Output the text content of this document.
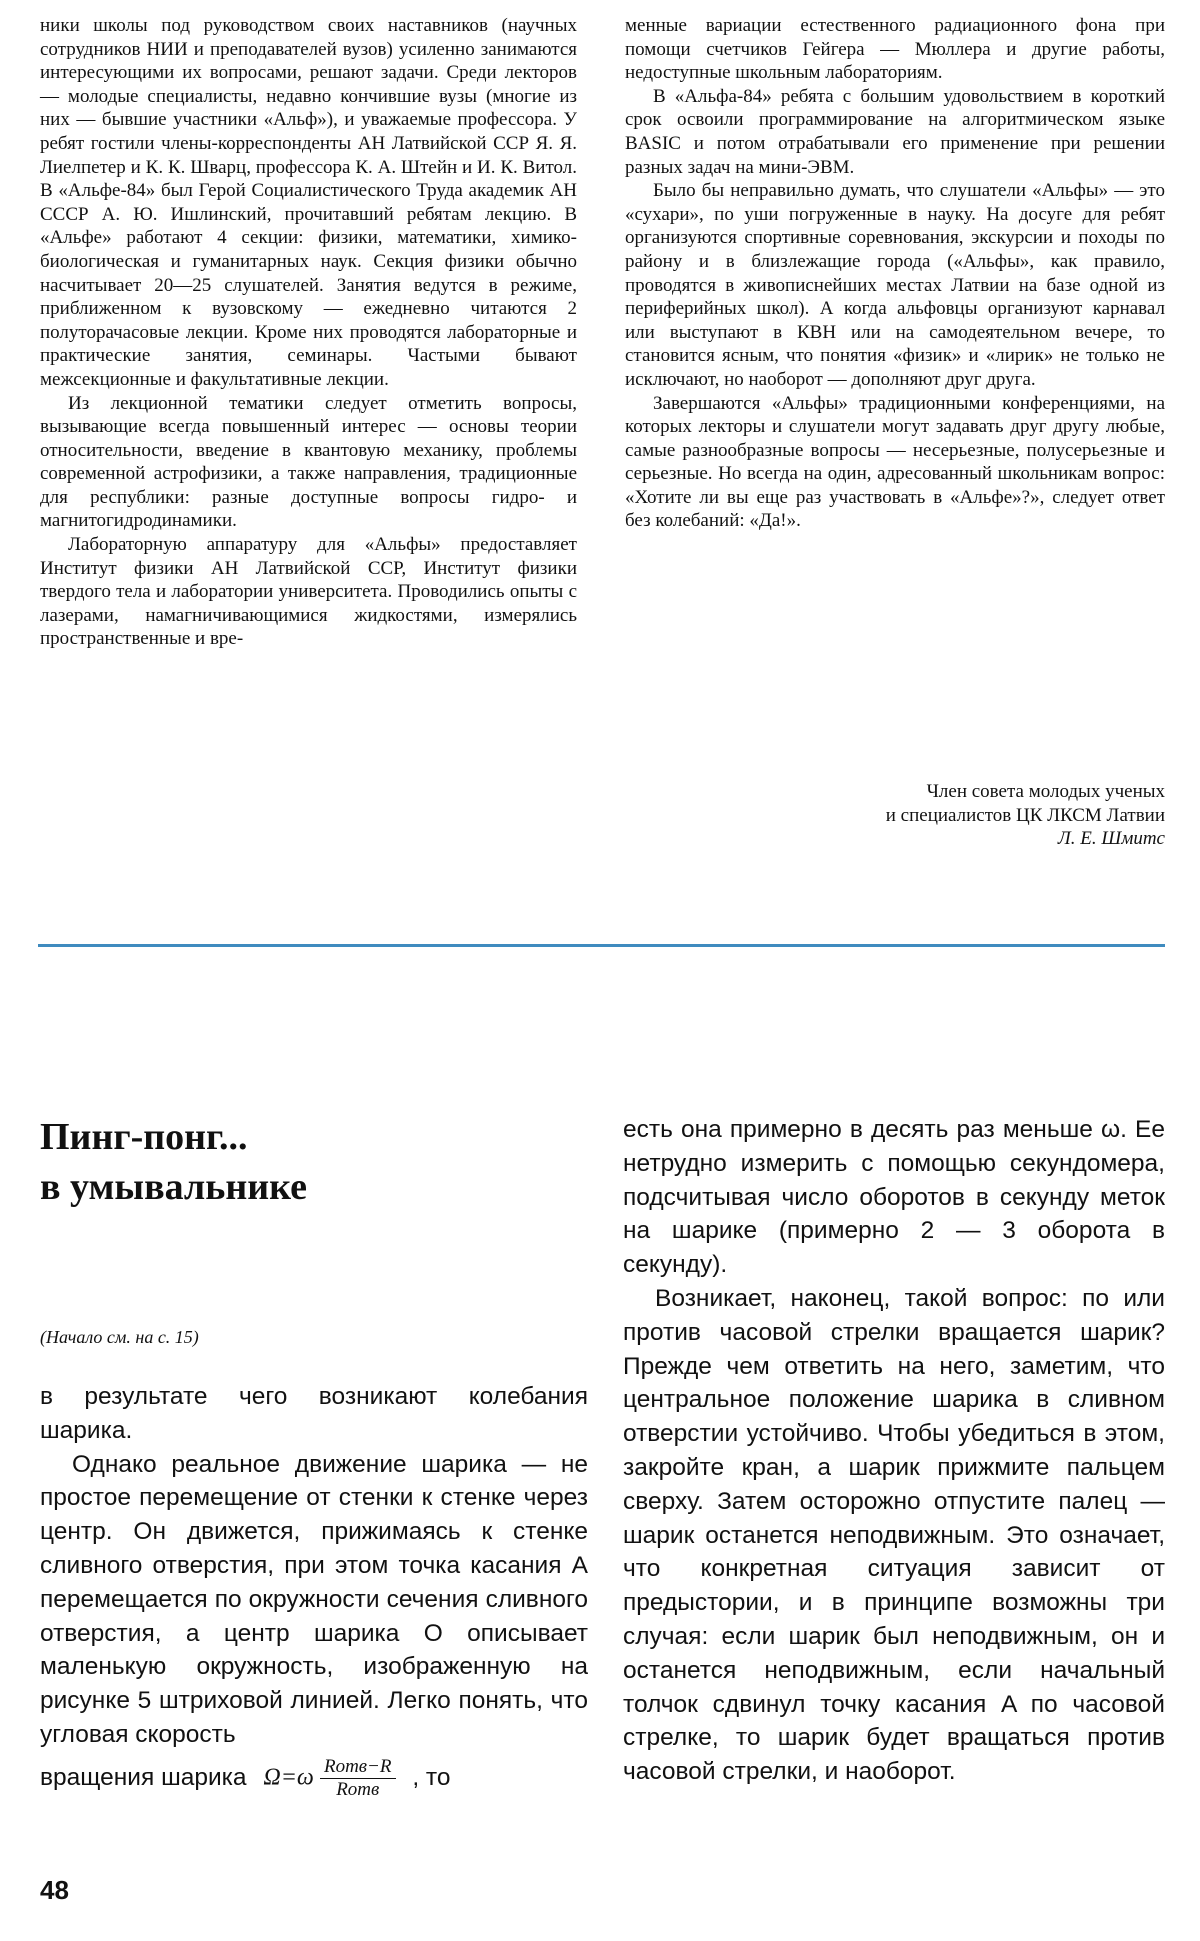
ники школы под руководством своих наставников (научных сотрудников НИИ и преподавателей вузов) усиленно занимаются интересующими их вопросами, решают задачи. Среди лекторов — молодые специалисты, недавно кончившие вузы (многие из них — бывшие участники «Альф»), и уважаемые профессора. У ребят гостили члены-корреспонденты АН Латвийской ССР Я. Я. Лиелпетер и К. К. Шварц, профессора К. А. Штейн и И. К. Витол. В «Альфе-84» был Герой Социалистического Труда академик АН СССР А. Ю. Ишлинский, прочитавший ребятам лекцию. В «Альфе» работают 4 секции: физики, математики, химико-биологическая и гуманитарных наук. Секция физики обычно насчитывает 20—25 слушателей. Занятия ведутся в режиме, приближенном к вузовскому — ежедневно читаются 2 полуторачасовые лекции. Кроме них проводятся лабораторные и практические занятия, семинары. Частыми бывают межсекционные и факультативные лекции.

Из лекционной тематики следует отметить вопросы, вызывающие всегда повышенный интерес — основы теории относительности, введение в квантовую механику, проблемы современной астрофизики, а также направления, традиционные для республики: разные доступные вопросы гидро- и магнитогидродинамики.

Лабораторную аппаратуру для «Альфы» предоставляет Институт физики АН Латвийской ССР, Институт физики твердого тела и лаборатории университета. Проводились опыты с лазерами, намагничивающимися жидкостями, измерялись пространственные и вре-

менные вариации естественного радиационного фона при помощи счетчиков Гейгера — Мюллера и другие работы, недоступные школьным лабораториям.

В «Альфа-84» ребята с большим удовольствием в короткий срок освоили программирование на алгоритмическом языке BASIC и потом отрабатывали его применение при решении разных задач на мини-ЭВМ.

Было бы неправильно думать, что слушатели «Альфы» — это «сухари», по уши погруженные в науку. На досуге для ребят организуются спортивные соревнования, экскурсии и походы по району и в близлежащие города («Альфы», как правило, проводятся в живописнейших местах Латвии на базе одной из периферийных школ). А когда альфовцы организуют карнавал или выступают в КВН или на самодеятельном вечере, то становится ясным, что понятия «физик» и «лирик» не только не исключают, но наоборот — дополняют друг друга.

Завершаются «Альфы» традиционными конференциями, на которых лекторы и слушатели могут задавать друг другу любые, самые разнообразные вопросы — несерьезные, полусерьезные и серьезные. Но всегда на один, адресованный школьникам вопрос: «Хотите ли вы еще раз участвовать в «Альфе»?», следует ответ без колебаний: «Да!».

Член совета молодых ученых
и специалистов ЦК ЛКСМ Латвии
Л. Е. Шмитс
Пинг-понг...
в умывальнике
(Начало см. на с. 15)

в результате чего возникают колебания шарика.

Однако реальное движение шарика — не простое перемещение от стенки к стенке через центр. Он движется, прижимаясь к стенке сливного отверстия, при этом точка касания A перемещается по окружности сечения сливного отверстия, а центр шарика O описывает маленькую окружность, изображенную на рисунке 5 штриховой линией. Легко понять, что угловая скорость

вращения шарика $\Omega=\omega \frac{\text{Rотв−R}}{\text{Rотв}}$ , то

есть она примерно в десять раз меньше ω. Ее нетрудно измерить с помощью секундомера, подсчитывая число оборотов в секунду меток на шарике (примерно 2 — 3 оборота в секунду).

Возникает, наконец, такой вопрос: по или против часовой стрелки вращается шарик? Прежде чем ответить на него, заметим, что центральное положение шарика в сливном отверстии устойчиво. Чтобы убедиться в этом, закройте кран, а шарик прижмите пальцем сверху. Затем осторожно отпустите палец — шарик останется неподвижным. Это означает, что конкретная ситуация зависит от предыстории, и в принципе возможны три случая: если шарик был неподвижным, он и останется неподвижным, если начальный толчок сдвинул точку касания A по часовой стрелке, то шарик будет вращаться против часовой стрелки, и наоборот.

48
